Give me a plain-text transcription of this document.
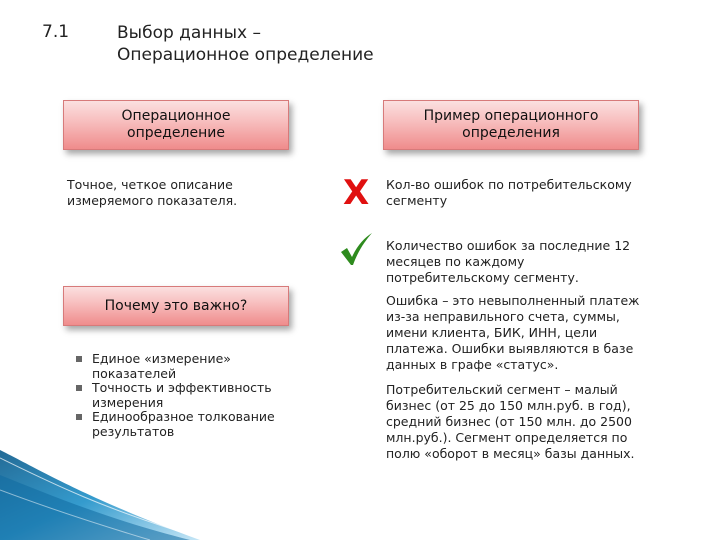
7.1	Выбор данных –
Операционное определение
Операционное
определение
Пример операционного
определения
Точное, четкое описание
измеряемого показателя.	X Кол-во ошибок по потребительскому
сегменту
Количество ошибок за последние 12
месяцев по каждому
потребительскому сегменту.
Ошибка – это невыполненный платеж
из-за неправильного счета, суммы,
имени клиента, БИК, ИНН, цели
платежа. Ошибки выявляются в базе
данных в графе «статус».
Потребительский сегмент – малый
бизнес (от 25 до 150 млн.руб. в год),
средний бизнес (от 150 млн. до 2500
млн.руб.). Сегмент определяется по
полю «оборот в месяц» базы данных.
Почему это важно?
Единое «измерение»
показателей
Точность и эффективность
измерения
Единообразное толкование
результатов
